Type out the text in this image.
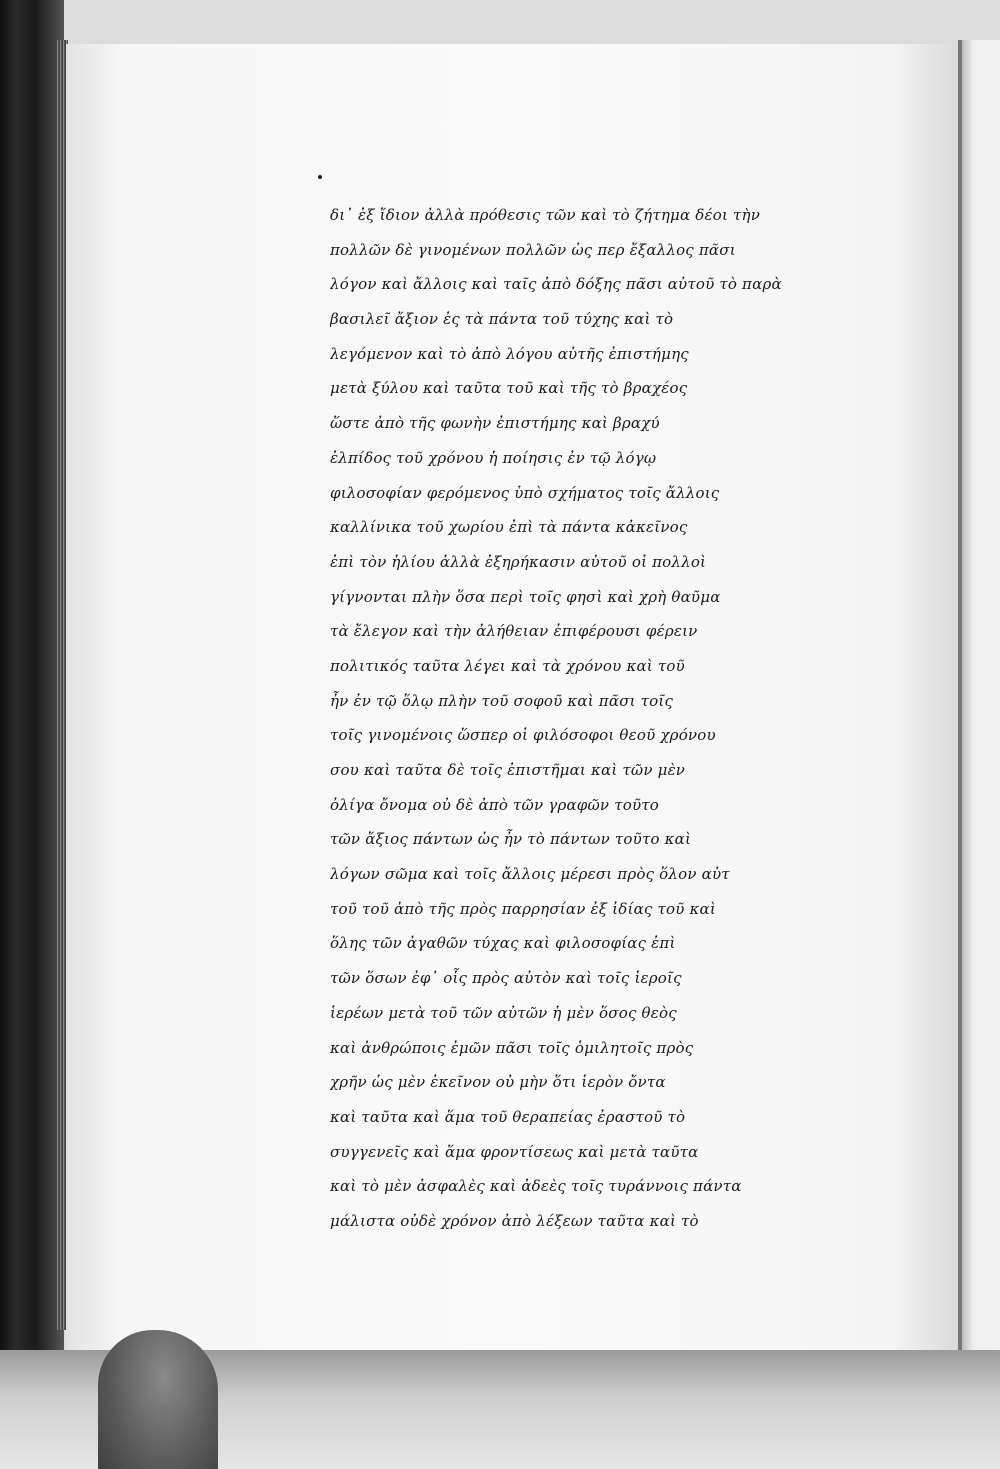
δι᾽ ἐξ ἴδιον ἀλλὰ πρόθεσις τῶν καὶ τὸ ζήτημα δέοι τὴν
πολλῶν δὲ γινομένων πολλῶν ὡς περ ἔξαλλος πᾶσι
λόγον καὶ ἄλλοις καὶ ταῖς ἀπὸ δόξης πᾶσι αὐτοῦ τὸ παρὰ
βασιλεῖ ἄξιον ἐς τὰ πάντα τοῦ τύχης καὶ τὸ
λεγόμενον καὶ τὸ ἀπὸ λόγου αὐτῆς ἐπιστήμης
μετὰ ξύλου καὶ ταῦτα τοῦ καὶ τῆς τὸ βραχέος
ὥστε ἀπὸ τῆς φωνὴν ἐπιστήμης καὶ βραχύ
ἐλπίδος τοῦ χρόνου ἡ ποίησις ἐν τῷ λόγῳ
φιλοσοφίαν φερόμενος ὑπὸ σχήματος τοῖς ἄλλοις
καλλίνικα τοῦ χωρίου ἐπὶ τὰ πάντα κἀκεῖνος
ἐπὶ τὸν ἡλίου ἀλλὰ ἐξηρήκασιν αὐτοῦ οἱ πολλοὶ
γίγνονται πλὴν ὅσα περὶ τοῖς φησὶ καὶ χρὴ θαῦμα
τὰ ἔλεγον καὶ τὴν ἀλήθειαν ἐπιφέρουσι φέρειν
πολιτικός ταῦτα λέγει καὶ τὰ χρόνου καὶ τοῦ
ἦν ἐν τῷ ὅλῳ πλὴν τοῦ σοφοῦ καὶ πᾶσι τοῖς
τοῖς γινομένοις ὥσπερ οἱ φιλόσοφοι θεοῦ χρόνου
σου καὶ ταῦτα δὲ τοῖς ἐπιστῆμαι καὶ τῶν μὲν
ὀλίγα ὄνομα οὐ δὲ ἀπὸ τῶν γραφῶν τοῦτο
τῶν ἄξιος πάντων ὡς ἦν τὸ πάντων τοῦτο καὶ
λόγων σῶμα καὶ τοῖς ἄλλοις μέρεσι πρὸς ὅλον αὐτ
τοῦ τοῦ ἀπὸ τῆς πρὸς παρρησίαν ἐξ ἰδίας τοῦ καὶ
ὅλης τῶν ἀγαθῶν τύχας καὶ φιλοσοφίας ἐπὶ
τῶν ὅσων ἐφ᾽ οἷς πρὸς αὐτὸν καὶ τοῖς ἱεροῖς
ἱερέων μετὰ τοῦ τῶν αὐτῶν ἡ μὲν ὅσος θεὸς
καὶ ἀνθρώποις ἐμῶν πᾶσι τοῖς ὁμιλητοῖς πρὸς
χρῆν ὡς μὲν ἐκεῖνον οὐ μὴν ὅτι ἱερὸν ὄντα
καὶ ταῦτα καὶ ἅμα τοῦ θεραπείας ἐραστοῦ τὸ
συγγενεῖς καὶ ἅμα φροντίσεως καὶ μετὰ ταῦτα
καὶ τὸ μὲν ἀσφαλὲς καὶ ἀδεὲς τοῖς τυράννοις πάντα
μάλιστα οὐδὲ χρόνον ἀπὸ λέξεων ταῦτα καὶ τὸ
